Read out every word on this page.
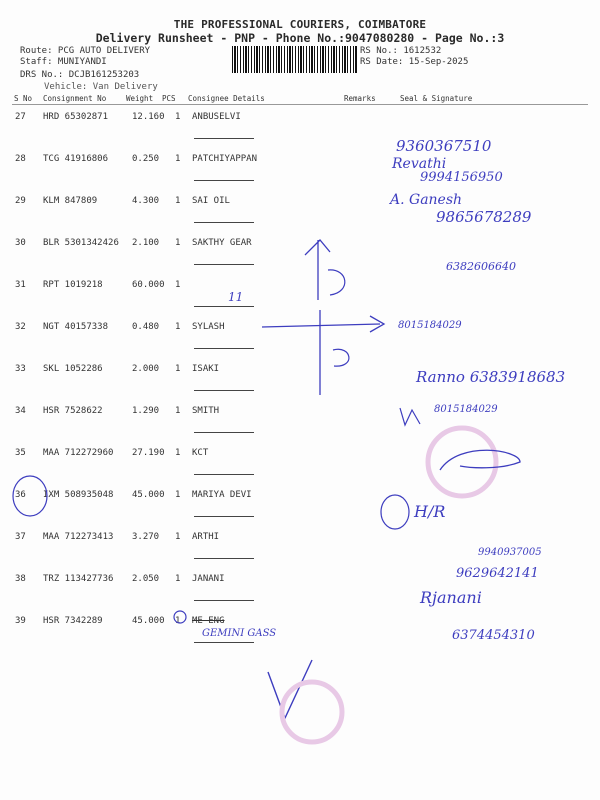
THE PROFESSIONAL COURIERS, COIMBATORE
Delivery Runsheet - PNP - Phone No.:9047080280 - Page No.:3
Route: PCG AUTO DELIVERY
Staff: MUNIYANDI
DRS No.: DCJB161253203
Vehicle: Van Delivery
RS No.: 1612532
RS Date: 15-Sep-2025
S No Consignment No	Weight PCS Consignee Details	Remarks	Seal & Signature
27 HRD 65302871	12.160 1 ANBUSELVI
28 TCG 41916806	0.250 1 PATCHIYAPPAN
29 KLM 847809	4.300 1 SAI OIL
30 BLR 5301342426 2.100 1 SAKTHY GEAR
31 RPT 1019218	60.000 1
32 NGT 40157338	0.480 1 SYLASH
33 SKL 1052286	2.000 1 ISAKI
34 HSR 7528622	1.290 1 SMITH
35 MAA 712272960 27.190 1 KCT
36 IXM 508935048 45.000 1 MARIYA DEVI
37 MAA 712273413 3.270 1 ARTHI
38 TRZ 113427736 2.050 1 JANANI
39 HSR 7342289	45.000 1 ME ENG
9360367510
Revathi
9994156950
A. Ganesh
9865678289
6382606640
11
8015184029
Ranno 6383918683
8015184029
H/R
9940937005
9629642141
Rjanani
6374454310
GEMINI GASS
